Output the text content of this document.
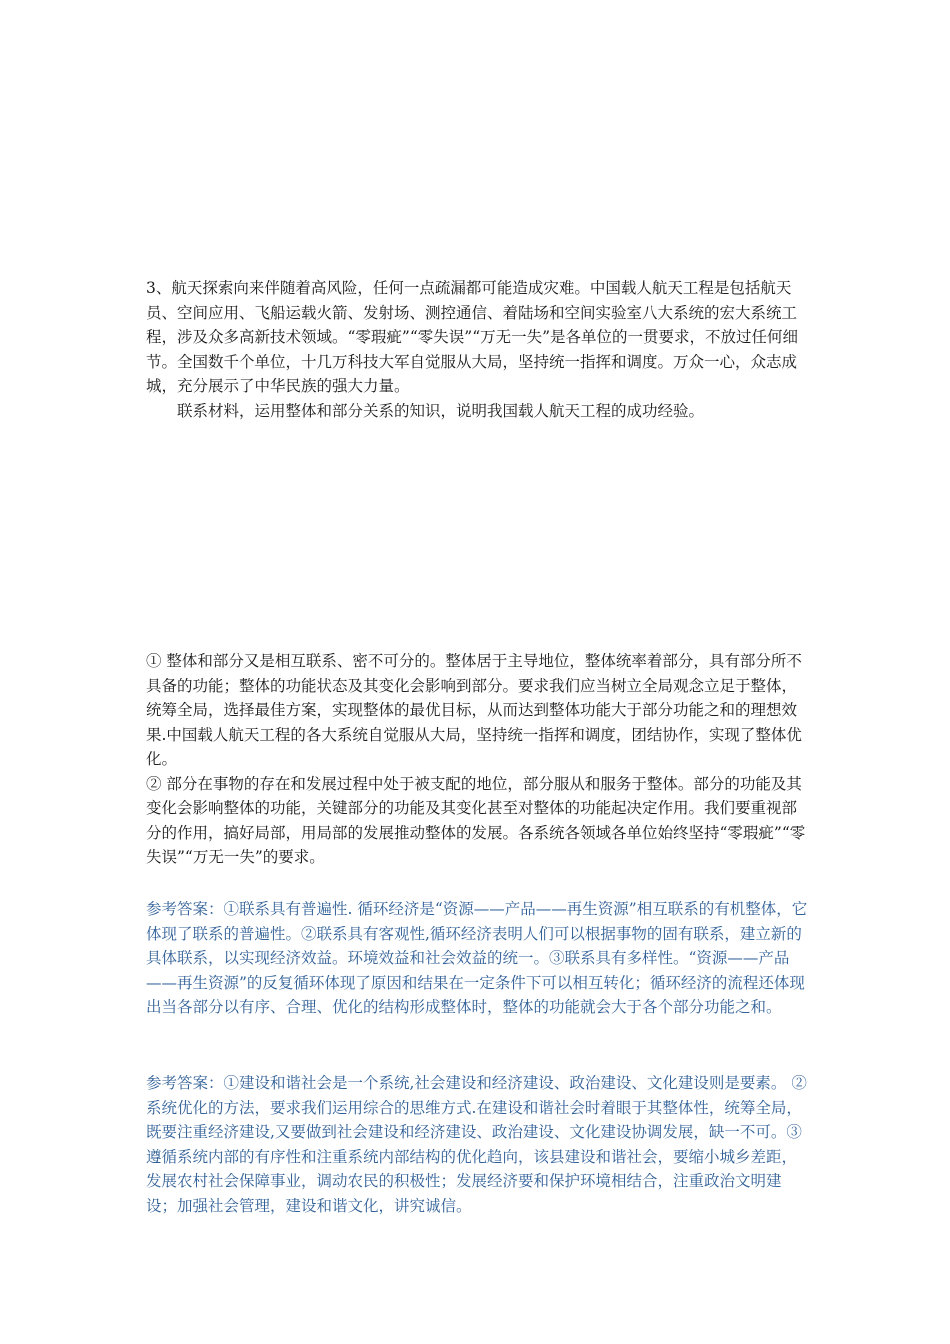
3、航天探索向来伴随着高风险，任何一点疏漏都可能造成灾难。中国载人航天工程是包括航天员、空间应用、飞船运载火箭、发射场、测控通信、着陆场和空间实验室八大系统的宏大系统工程，涉及众多高新技术领域。“零瑕疵”“零失误”“万无一失”是各单位的一贯要求，不放过任何细节。全国数千个单位，十几万科技大军自觉服从大局，坚持统一指挥和调度。万众一心，众志成城，充分展示了中华民族的强大力量。

联系材料，运用整体和部分关系的知识，说明我国载人航天工程的成功经验。

① 整体和部分又是相互联系、密不可分的。整体居于主导地位，整体统率着部分，具有部分所不具备的功能；整体的功能状态及其变化会影响到部分。要求我们应当树立全局观念立足于整体，统筹全局，选择最佳方案，实现整体的最优目标，从而达到整体功能大于部分功能之和的理想效果.中国载人航天工程的各大系统自觉服从大局，坚持统一指挥和调度，团结协作，实现了整体优化。

② 部分在事物的存在和发展过程中处于被支配的地位，部分服从和服务于整体。部分的功能及其变化会影响整体的功能，关键部分的功能及其变化甚至对整体的功能起决定作用。我们要重视部分的作用，搞好局部，用局部的发展推动整体的发展。各系统各领域各单位始终坚持“零瑕疵”“零失误”“万无一失”的要求。

参考答案：①联系具有普遍性. 循环经济是“资源——产品——再生资源”相互联系的有机整体，它体现了联系的普遍性。②联系具有客观性,循环经济表明人们可以根据事物的固有联系，建立新的具体联系，以实现经济效益。环境效益和社会效益的统一。③联系具有多样性。“资源——产品——再生资源”的反复循环体现了原因和结果在一定条件下可以相互转化；循环经济的流程还体现出当各部分以有序、合理、优化的结构形成整体时，整体的功能就会大于各个部分功能之和。

参考答案：①建设和谐社会是一个系统,社会建设和经济建设、政治建设、文化建设则是要素。 ②系统优化的方法，要求我们运用综合的思维方式.在建设和谐社会时着眼于其整体性，统筹全局，既要注重经济建设,又要做到社会建设和经济建设、政治建设、文化建设协调发展，缺一不可。③遵循系统内部的有序性和注重系统内部结构的优化趋向，该县建设和谐社会，要缩小城乡差距，发展农村社会保障事业，调动农民的积极性；发展经济要和保护环境相结合，注重政治文明建设；加强社会管理，建设和谐文化，讲究诚信。
